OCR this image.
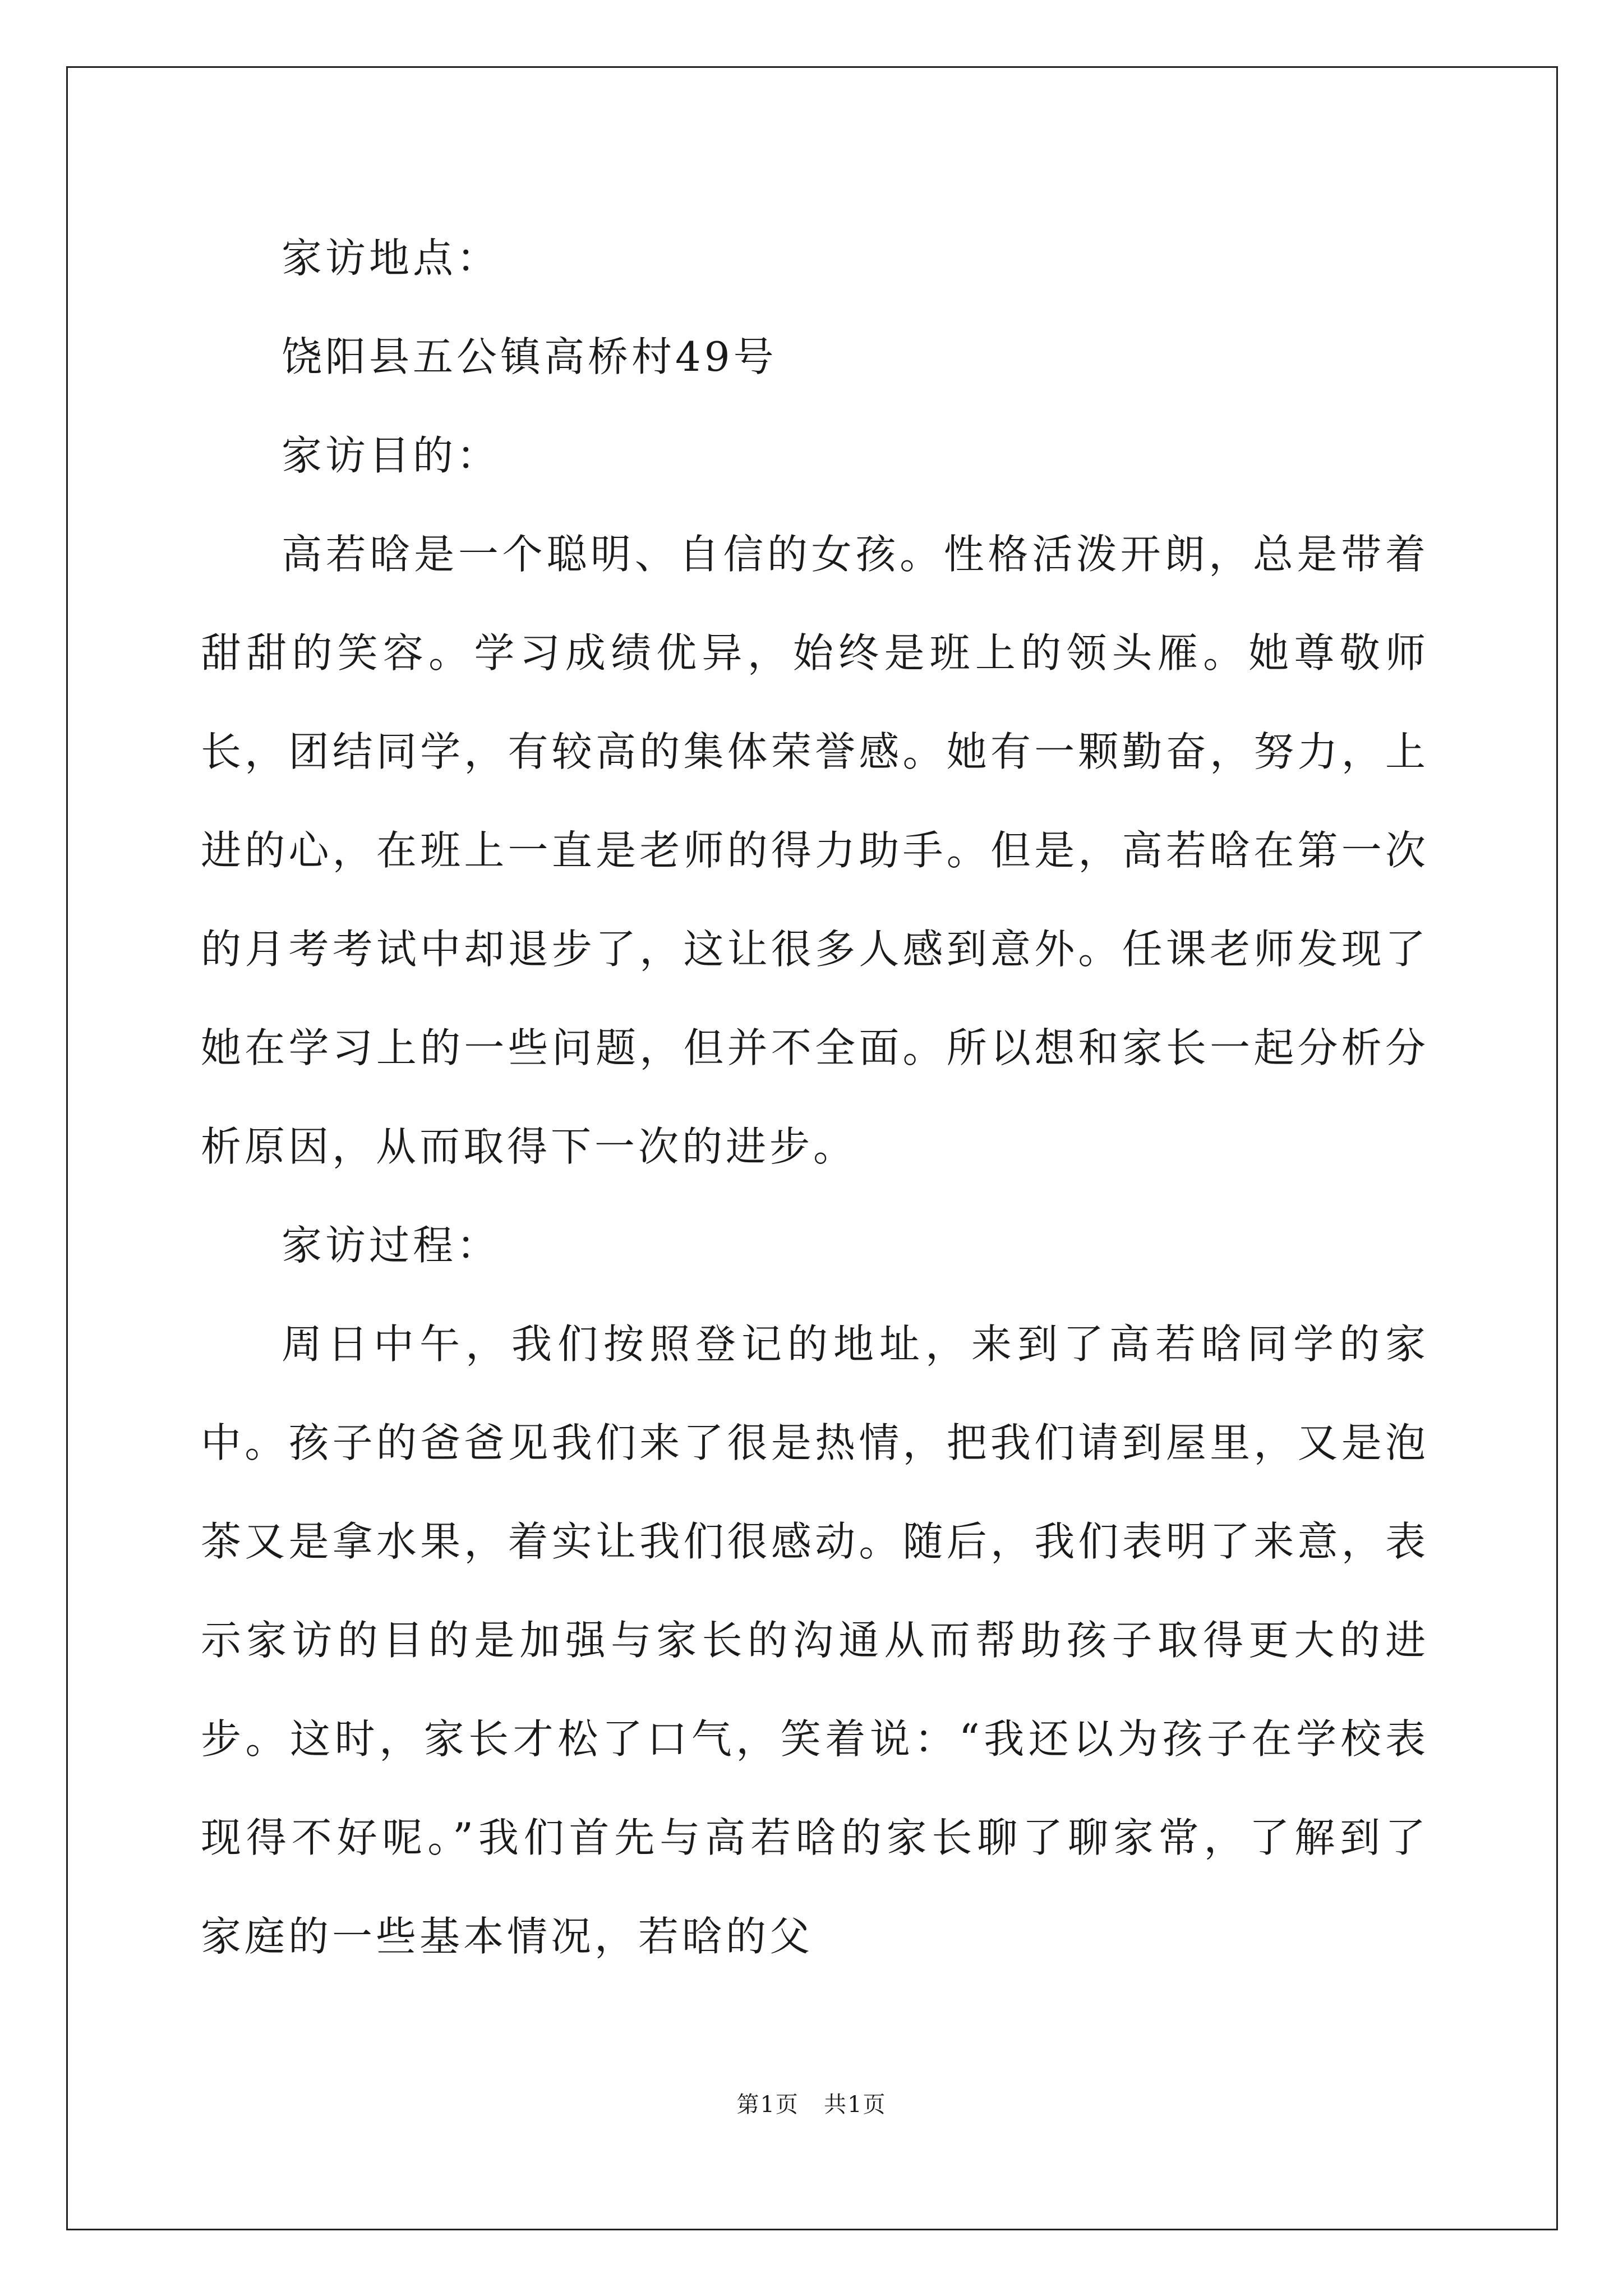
家访地点：

饶阳县五公镇高桥村49号

家访目的：

高若晗是一个聪明、自信的女孩。性格活泼开朗，总是带着甜甜的笑容。学习成绩优异，始终是班上的领头雁。她尊敬师长，团结同学，有较高的集体荣誉感。她有一颗勤奋，努力，上进的心，在班上一直是老师的得力助手。但是，高若晗在第一次的月考考试中却退步了，这让很多人感到意外。任课老师发现了她在学习上的一些问题，但并不全面。所以想和家长一起分析分析原因，从而取得下一次的进步。

家访过程：

周日中午，我们按照登记的地址，来到了高若晗同学的家中。孩子的爸爸见我们来了很是热情，把我们请到屋里，又是泡茶又是拿水果，着实让我们很感动。随后，我们表明了来意，表示家访的目的是加强与家长的沟通从而帮助孩子取得更大的进步。这时，家长才松了口气，笑着说：“我还以为孩子在学校表现得不好呢。”我们首先与高若晗的家长聊了聊家常，了解到了家庭的一些基本情况，若晗的父

第1页 共1页
